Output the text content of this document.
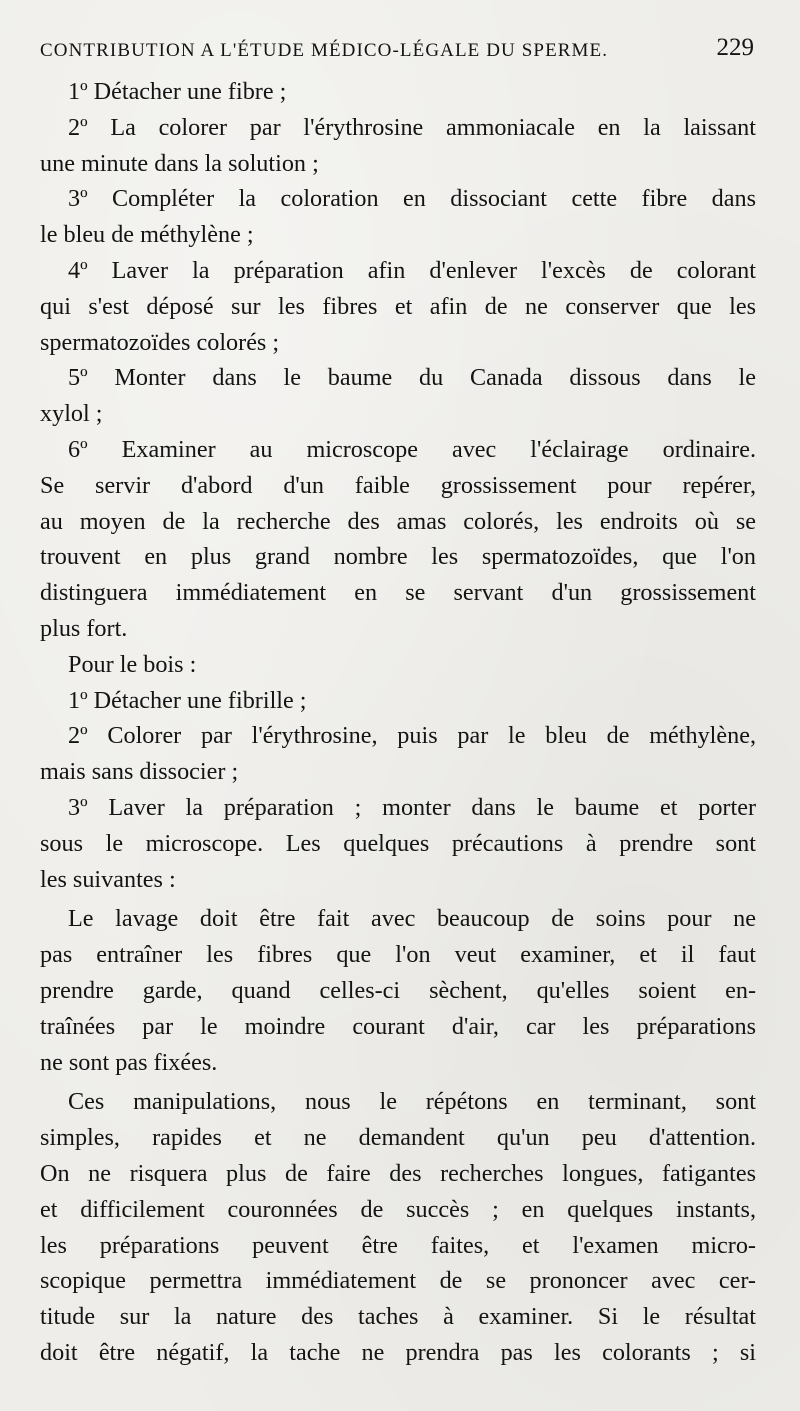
CONTRIBUTION A L'ÉTUDE MÉDICO-LÉGALE DU SPERME.	229
1º Détacher une fibre ;
2º La colorer par l'érythrosine ammoniacale en la laissant
une minute dans la solution ;
3º Compléter la coloration en dissociant cette fibre dans
le bleu de méthylène ;
4º Laver la préparation afin d'enlever l'excès de colorant
qui s'est déposé sur les fibres et afin de ne conserver que les
spermatozoïdes colorés ;
5º Monter dans le baume du Canada dissous dans le
xylol ;
6º Examiner au microscope avec l'éclairage ordinaire.
Se servir d'abord d'un faible grossissement pour repérer,
au moyen de la recherche des amas colorés, les endroits où se
trouvent en plus grand nombre les spermatozoïdes, que l'on
distinguera immédiatement en se servant d'un grossissement
plus fort.
Pour le bois :
1º Détacher une fibrille ;
2º Colorer par l'érythrosine, puis par le bleu de méthylène,
mais sans dissocier ;
3º Laver la préparation ; monter dans le baume et porter
sous le microscope. Les quelques précautions à prendre sont
les suivantes :
Le lavage doit être fait avec beaucoup de soins pour ne
pas entraîner les fibres que l'on veut examiner, et il faut
prendre garde, quand celles-ci sèchent, qu'elles soient en-
traînées par le moindre courant d'air, car les préparations
ne sont pas fixées.
Ces manipulations, nous le répétons en terminant, sont
simples, rapides et ne demandent qu'un peu d'attention.
On ne risquera plus de faire des recherches longues, fatigantes
et difficilement couronnées de succès ; en quelques instants,
les préparations peuvent être faites, et l'examen micro-
scopique permettra immédiatement de se prononcer avec cer-
titude sur la nature des taches à examiner. Si le résultat
doit être négatif, la tache ne prendra pas les colorants ; si
